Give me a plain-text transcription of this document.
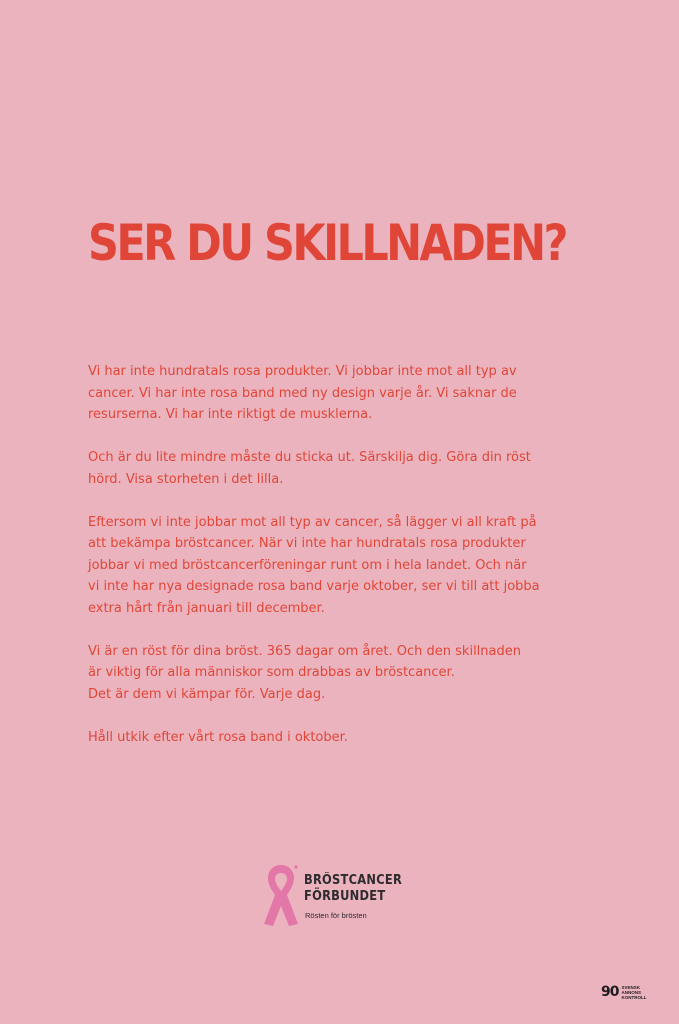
SER DU SKILLNADEN?

Vi har inte hundratals rosa produkter. Vi jobbar inte mot all typ av
cancer. Vi har inte rosa band med ny design varje år. Vi saknar de
resurserna. Vi har inte riktigt de musklerna.

Och är du lite mindre måste du sticka ut. Särskilja dig. Göra din röst
hörd. Visa storheten i det lilla.

Eftersom vi inte jobbar mot all typ av cancer, så lägger vi all kraft på
att bekämpa bröstcancer. När vi inte har hundratals rosa produkter
jobbar vi med bröstcancerföreningar runt om i hela landet. Och när
vi inte har nya designade rosa band varje oktober, ser vi till att jobba
extra hårt från januari till december.

Vi är en röst för dina bröst. 365 dagar om året. Och den skillnaden
är viktig för alla människor som drabbas av bröstcancer.
Det är dem vi kämpar för. Varje dag.

Håll utkik efter vårt rosa band i oktober.

BRÖSTCANCER
FÖRBUNDET
Rösten för brösten
90 SVENSK
ANNONS
KONTROLL
